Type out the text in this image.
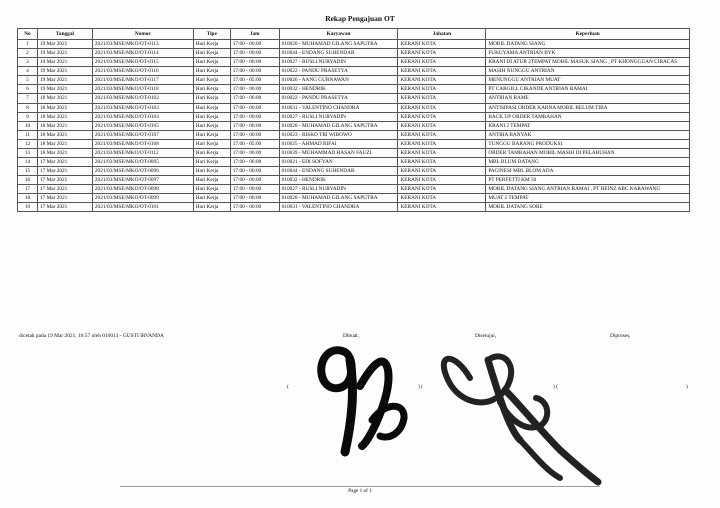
Rekap Pengajuan OT
No	Tanggal	Nomor	Tipe	Jam	Karyawan	Jabatan	Keperluan
1	19 Mar 2021	2021/03/MSE/MKO/OT-0113	Hari Kerja	17:00 - 06:00	010020 - MUHAMAD GILANG SAPUTRA	KERANI KOTA	MOBIL DATANG SIANG
2	19 Mar 2021	2021/03/MSE/MKO/OT-0114	Hari Kerja	17:00 - 06:00	010044 - ENDANG SUHENDAR	KERANI KOTA	FUKUYAMA ANTRIAN BYK
3	19 Mar 2021	2021/03/MSE/MKO/OT-0115	Hari Kerja	17:00 - 06:00	010027 - RUSLI NURYADIN	KERANI KOTA	KRANI DI ATUR 2TEMPAT MOBIL MASUK SIANG , PT KHONGGUAN CIRACAS
4	19 Mar 2021	2021/03/MSE/MKO/OT-0116	Hari Kerja	17:00 - 06:00	010022 - PANDU PRASETYA	KERANI KOTA	MASIH NUNGGU ANTRIAN
5	19 Mar 2021	2021/03/MSE/MKO/OT-0117	Hari Kerja	17:00 - 05:00	010026 - AANG GURNAWAN	KERANI KOTA	MENUNGGU ANTRIAN MUAT
6	19 Mar 2021	2021/03/MSE/MKO/OT-0118	Hari Kerja	17:00 - 06:00	010032 - HENDRIK	KERANI KOTA	PT CARGILL CIKANDE ANTRIAN RAMAI
7	18 Mar 2021	2021/03/MSE/MKO/OT-0102	Hari Kerja	17:00 - 06:00	010022 - PANDU PRASETYA	KERANI KOTA	ANTRIAN RAME
8	18 Mar 2021	2021/03/MSE/MKO/OT-0103	Hari Kerja	17:00 - 06:00	010031 - VALENTINO CHANDRA	KERANI KOTA	ANTISIPASI ORDER KARNA MOBIL BELUM TIBA
9	18 Mar 2021	2021/03/MSE/MKO/OT-0104	Hari Kerja	17:00 - 06:00	010027 - RUSLI NURYADIN	KERANI KOTA	BACK UP ORDER TAMBAHAN
10	18 Mar 2021	2021/03/MSE/MKO/OT-0105	Hari Kerja	17:00 - 06:00	010020 - MUHAMAD GILANG SAPUTRA	KERANI KOTA	KRANI 2 TEMPAT
11	18 Mar 2021	2021/03/MSE/MKO/OT-0107	Hari Kerja	17:00 - 06:00	010023 - RISKO TRI WIBOWO	KERANI KOTA	ANTRIA BANYAK
12	18 Mar 2021	2021/03/MSE/MKO/OT-0108	Hari Kerja	17:00 - 05:00	010025 - AHMAD RIFAI	KERANI KOTA	TUNGGU BARANG PRODUKSI
13	18 Mar 2021	2021/03/MSE/MKO/OT-0112	Hari Kerja	17:00 - 06:00	010039 - MUHAMMAD HASAN FAUZI	KERANI KOTA	ORDER TAMBAHAN MOBIL MASIH DI PELABUHAN
14	17 Mar 2021	2021/03/MSE/MKO/OT-0095	Hari Kerja	17:00 - 06:00	010021 - EDI SOFYAN	KERANI KOTA	MBL BLUM DATANG
15	17 Mar 2021	2021/03/MSE/MKO/OT-0096	Hari Kerja	17:00 - 06:00	010044 - ENDANG SUHENDAR	KERANI KOTA	PACINESI MBL BLOM ADA
16	17 Mar 2021	2021/03/MSE/MKO/OT-0097	Hari Kerja	17:00 - 06:00	010032 - HENDRIK	KERANI KOTA	PT PERFETTI KM 50
17	17 Mar 2021	2021/03/MSE/MKO/OT-0098	Hari Kerja	17:00 - 06:00	010027 - RUSLI NURYADIN	KERANI KOTA	MOBIL DATANG SIANG ANTRIAN RAMAI , PT HEINZ ABC KARAWANG
18	17 Mar 2021	2021/03/MSE/MKO/OT-0099	Hari Kerja	17:00 - 06:00	010020 - MUHAMAD GILANG SAPUTRA	KERANI KOTA	MUAT 2 TEMPAT
19	17 Mar 2021	2021/03/MSE/MKO/OT-0101	Hari Kerja	17:00 - 06:00	010031 - VALENTINO CHANDRA	KERANI KOTA	MOBIL DATANG SORE
dicetak pada 19 Mar 2021, 16:57 oleh 010013 - GUSTI IRVANDA	Dibuat,	Disetujui,	Diproses,
(	) (	) (	)
Page 1 of 1
